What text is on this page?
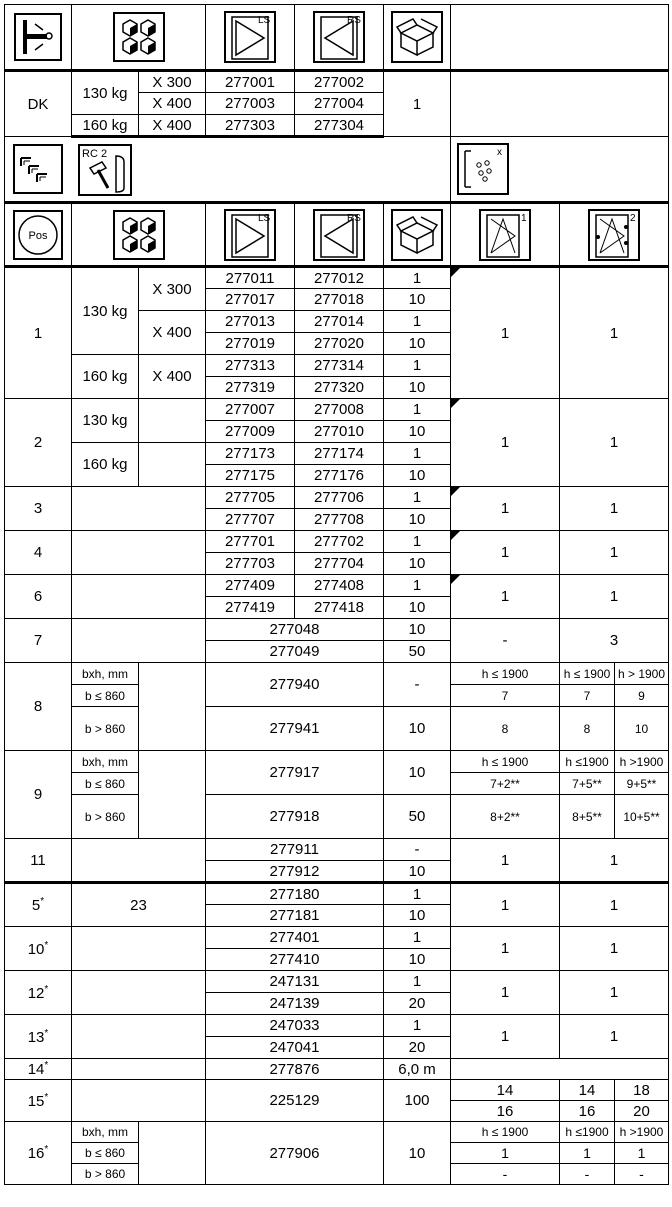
LS	RS

DK	130 kg	X 300	277001	277002	1			
		X 400	277003	277004				
	160 kg	X 400	277303	277304				

RC 2					x		

Pos			LS	RS		1	2	

1	130 kg	X 300	277011	277012	1	1	1	
			277017	277018	10			
		X 400	277013	277014	1			
			277019	277020	10			
	160 kg	X 400	277313	277314	1			
			277319	277320	10			
2	130 kg		277007	277008	1	1	1	
			277009	277010	10			
	160 kg		277173	277174	1			
			277175	277176	10			
3			277705	277706	1	1	1	
			277707	277708	10			
4			277701	277702	1	1	1	
			277703	277704	10			
6			277409	277408	1	1	1	
			277419	277418	10			
7			277048		10	-	3	
			277049		50			
8	bxh, mm		277940		-	h ≤ 1900	h ≤ 1900	h > 1900
	b ≤ 860					7	7	9
	b > 860		277941		10	8	8	10

9	bxh, mm		277917		10	h ≤ 1900	h ≤1900	h >1900
	b ≤ 860					7+2**	7+5**	9+5**
	b > 860		277918		50	8+2**	8+5**	10+5**

11			277911		-	1	1	
			277912		10			
5*	23		277180		1	1	1	
			277181		10			
10*			277401		1	1	1	
			277410		10			
12*			247131		1	1	1	
			247139		20			
13*			247033		1	1	1	
			247041		20			
14*			277876		6,0 m			
15*			225129		100	14	14	18
						16	16	20
16*	bxh, mm		277906		10	h ≤ 1900	h ≤1900	h >1900
	b ≤ 860					1	1	1
	b > 860					-	-	-
